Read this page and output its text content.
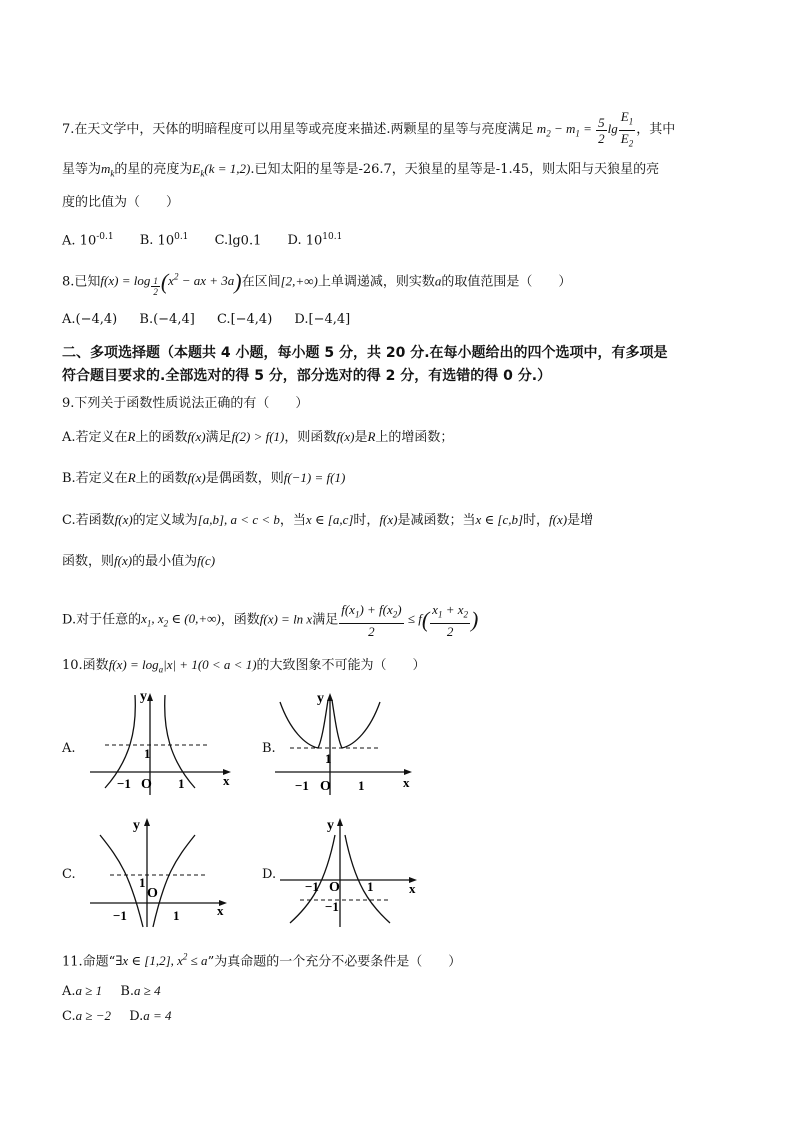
7.在天文学中，天体的明暗程度可以用星等或亮度来描述.两颗星的星等与亮度满足 $m_2 - m_1 = \frac{5}{2}$ $\lg \frac{E_1}{E_2}$ ，其中
星等为$m_k$的星的亮度为$E_k(k = 1,2)$.已知太阳的星等是-26.7，天狼星的星等是-1.45，则太阳与天狼星的亮
度的比值为（　　）
A. $10^{-0.1}$ B. $10^{0.1}$ C.lg0.1 D. $10^{10.1}$
8.已知f(x) = log $_{\frac{1}{2}}$ ($x^2$ − ax + 3a)在区间[2,+∞)上单调递减，则实数a的取值范围是（　　）
A.(−4,4) B.(−4,4] C.[−4,4) D.[−4,4]
二、多项选择题（本题共 4 小题，每小题 5 分，共 20 分.在每小题给出的四个选项中，有多项是
符合题目要求的.全部选对的得 5 分，部分选对的得 2 分，有选错的得 0 分.）
9.下列关于函数性质说法正确的有（　　）
A.若定义在R上的函数f(x)满足f(2) > f(1)，则函数f(x)是R上的增函数；
B.若定义在R上的函数f(x)是偶函数，则f(−1) = f(1)
C.若函数f(x)的定义域为[a,b], a < c < b，当x ∈ [a,c]时，f(x)是减函数；当x ∈ [c,b]时，f(x)是增
函数，则f(x)的最小值为f(c)
D.对于任意的$x_1$, $x_2$ ∈ (0,+∞)，函数f(x) = ln x满足 $\frac{f(x_1) + f(x_2)}{2} \le f( \frac{x_1 + x_2}{2}$ )
10.函数$f(x) = \log_a|x| + 1(0 < a < 1)$的大致图象不可能为（　　）
A.
y
−1 O 1
1
x
B.
y
−1 O 1
1
x
C.
y
−1
O
1
1
x
D.
y
−1 O 1
−1
x
11.命题“∃x ∈ [1,2], $x^2 \le a$”为真命题的一个充分不必要条件是（　　）
A.a ≥ 1 B.a ≥ 4
C.a ≥ −2 D.a = 4
